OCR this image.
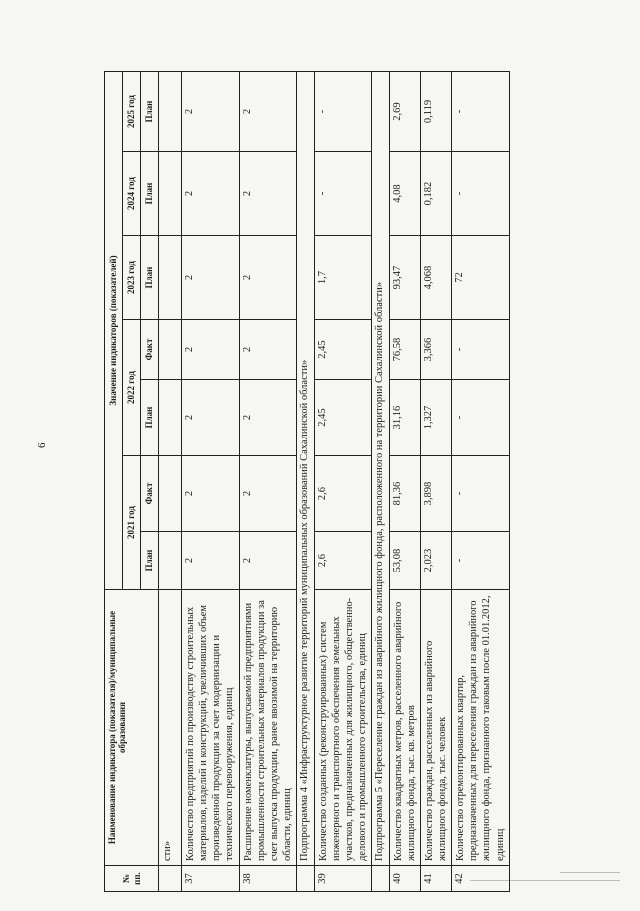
6
№ пп.	Наименование индикатора (показателя)/муниципальные образования	Значение индикаторов (показателей)						
		2021 год		2022 год		2023 год	2024 год	2025 год
		План	Факт	План	Факт	План	План	План
	сти»							
37	Количество предприятий по производству строительных материалов, изделий и конструкций, увеличивших объем произведенной продукции за счет модернизации и технического перевооружения, единиц	2	2	2	2	2	2	2
38	Расширение номенклатуры, выпускаемой предприятиями промышленности строительных материалов продукции за счет выпуска продукции, ранее ввозимой на территорию области, единиц	2	2	2	2	2	2	2
	Подпрограмма 4 «Инфраструктурное развитие территорий муниципальных образований Сахалинской области»							
39	Количество созданных (реконструированных) систем инженерного и транспортного обеспечения земельных участков, предназначенных для жилищного, общественно-делового и промышленного строительства, единиц	2,6	2,6	2,45	2,45	1,7	-	-
	Подпрограмма 5 «Переселение граждан из аварийного жилищного фонда, расположенного на территории Сахалинской области»							
40	Количество квадратных метров, расселенного аварийного жилищного фонда, тыс. кв. метров	53,08	81,36	31,16	76,58	93,47	4,08	2,69
41	Количество граждан, расселенных из аварийного жилищного фонда, тыс. человек	2,023	3,898	1,327	3,366	4,068	0,182	0,119
42	Количество отремонтированных квартир, предназначенных для переселения граждан из аварийного жилищного фонда, признанного таковым после 01.01.2012, единиц	-	-	-	-	72	-	-
